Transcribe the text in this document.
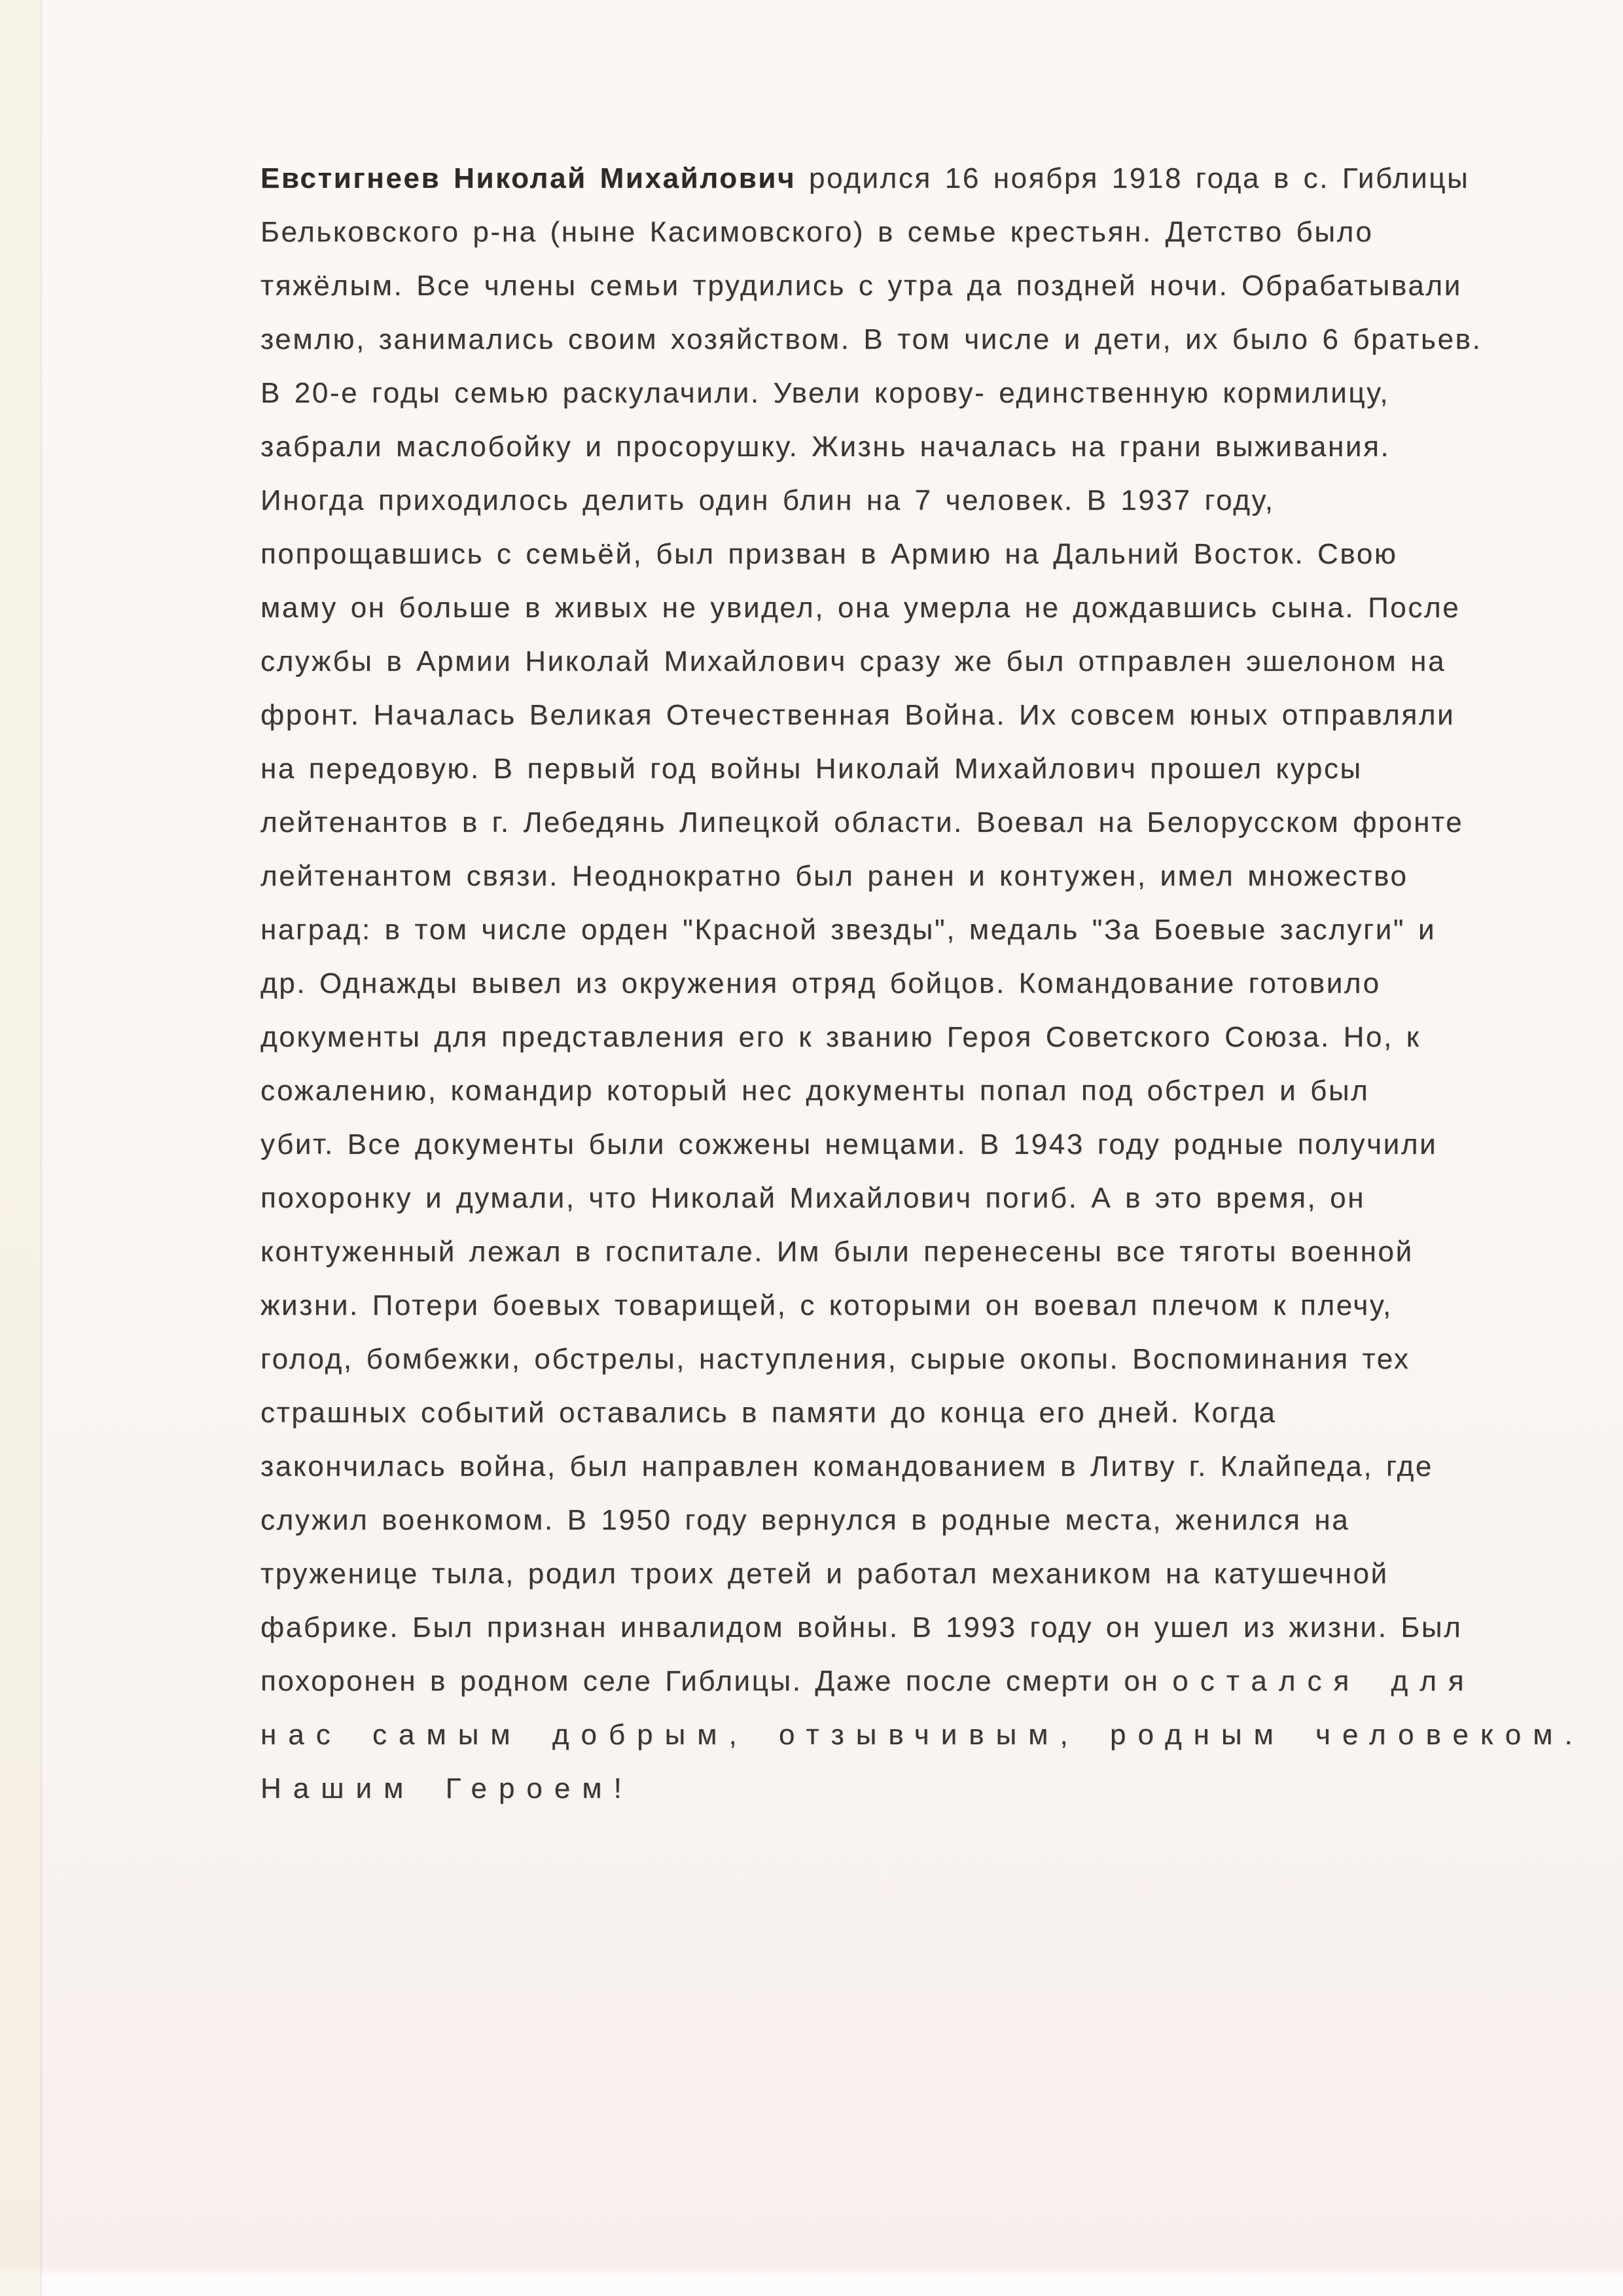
Евстигнеев Николай Михайлович родился 16 ноября 1918 года в с. Гиблицы
Бельковского р-на (ныне Касимовского) в семье крестьян. Детство было
тяжёлым. Все члены семьи трудились с утра да поздней ночи. Обрабатывали
землю, занимались своим хозяйством. В том числе и дети, их было 6 братьев.
В 20-е годы семью раскулачили. Увели корову- единственную кормилицу,
забрали маслобойку и просорушку. Жизнь началась на грани выживания.
Иногда приходилось делить один блин на 7 человек. В 1937 году,
попрощавшись с семьёй, был призван в Армию на Дальний Восток. Свою
маму он больше в живых не увидел, она умерла не дождавшись сына. После
службы в Армии Николай Михайлович сразу же был отправлен эшелоном на
фронт. Началась Великая Отечественная Война. Их совсем юных отправляли
на передовую. В первый год войны Николай Михайлович прошел курсы
лейтенантов в г. Лебедянь Липецкой области. Воевал на Белорусском фронте
лейтенантом связи. Неоднократно был ранен и контужен, имел множество
наград: в том числе орден "Красной звезды", медаль "За Боевые заслуги" и
др. Однажды вывел из окружения отряд бойцов. Командование готовило
документы для представления его к званию Героя Советского Союза. Но, к
сожалению, командир который нес документы попал под обстрел и был
убит. Все документы были сожжены немцами. В 1943 году родные получили
похоронку и думали, что Николай Михайлович погиб. А в это время, он
контуженный лежал в госпитале. Им были перенесены все тяготы военной
жизни. Потери боевых товарищей, с которыми он воевал плечом к плечу,
голод, бомбежки, обстрелы, наступления, сырые окопы. Воспоминания тех
страшных событий оставались в памяти до конца его дней. Когда
закончилась война, был направлен командованием в Литву г. Клайпеда, где
служил военкомом. В 1950 году вернулся в родные места, женился на
труженице тыла, родил троих детей и работал механиком на катушечной
фабрике. Был признан инвалидом войны. В 1993 году он ушел из жизни. Был
похоронен в родном селе Гиблицы. Даже после смерти он остался для
нас самым добрым, отзывчивым, родным человеком.
Нашим Героем!
